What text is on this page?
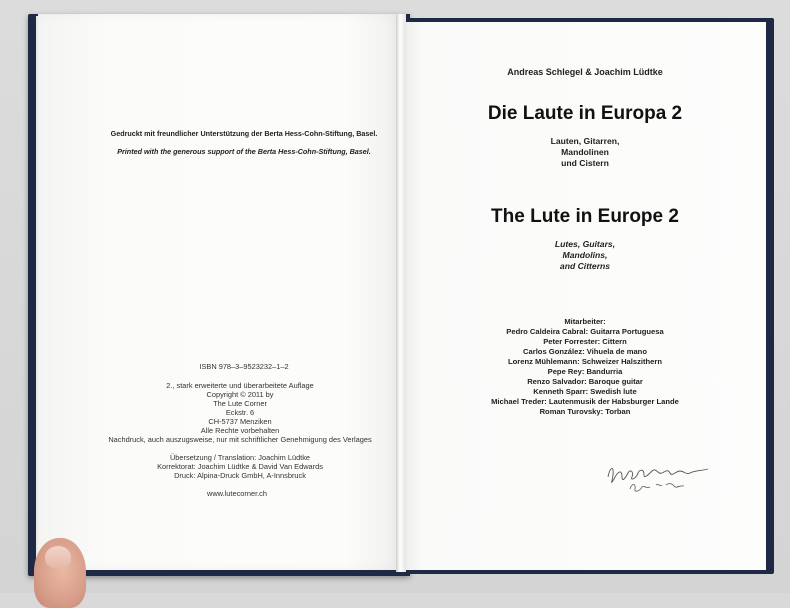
Gedruckt mit freundlicher Unterstützung der Berta Hess-Cohn-Stiftung, Basel.
Printed with the generous support of the Berta Hess-Cohn-Stiftung, Basel.
ISBN 978–3–9523232–1–2
2., stark erweiterte und überarbeitete Auflage
Copyright © 2011 by
The Lute Corner
Eckstr. 6
CH-5737 Menziken
Alle Rechte vorbehalten
Nachdruck, auch auszugsweise, nur mit schriftlicher Genehmigung des Verlages
Übersetzung / Translation: Joachim Lüdtke
Korrektorat: Joachim Lüdtke & David Van Edwards
Druck: Alpina-Druck GmbH, A-Innsbruck
www.lutecorner.ch
Andreas Schlegel & Joachim Lüdtke
Die Laute in Europa 2
Lauten, Gitarren,
Mandolinen
und Cistern
The Lute in Europe 2
Lutes, Guitars,
Mandolins,
and Citterns
Mitarbeiter:
Pedro Caldeira Cabral: Guitarra Portuguesa
Peter Forrester: Cittern
Carlos González: Vihuela de mano
Lorenz Mühlemann: Schweizer Halszithern
Pepe Rey: Bandurria
Renzo Salvador: Baroque guitar
Kenneth Sparr: Swedish lute
Michael Treder: Lautenmusik der Habsburger Lande
Roman Turovsky: Torban
